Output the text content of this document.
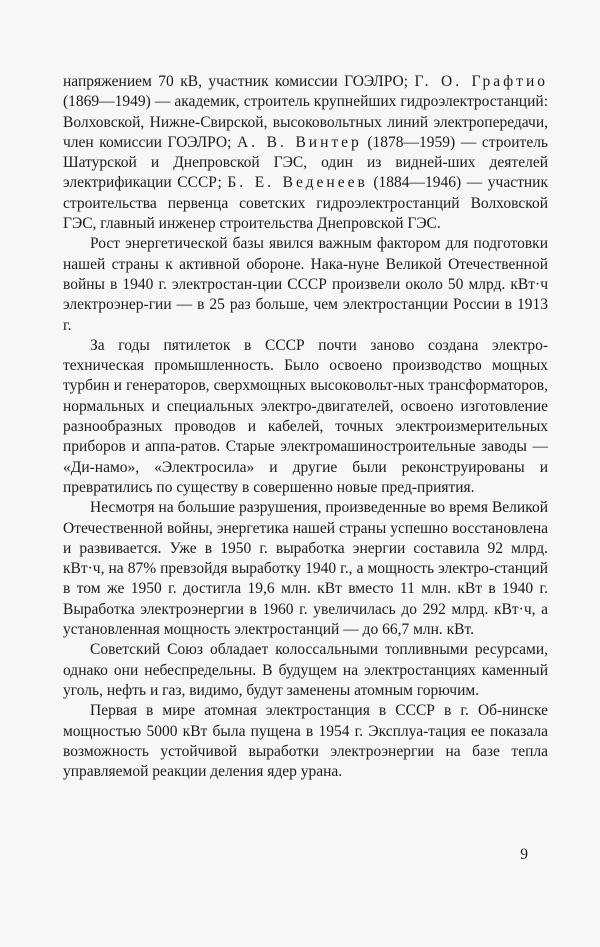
напряжением 70 кВ, участник комиссии ГОЭЛРО; Г. О. Графтио (1869—1949) — академик, строитель крупнейших гидроэлектростанций: Волховской, Нижне-Свирской, высоковольтных линий электропередачи, член комиссии ГОЭЛРО; А. В. Винтер (1878—1959) — строитель Шатурской и Днепровской ГЭС, один из видней-ших деятелей электрификации СССР; Б. Е. Веденеев (1884—1946) — участник строительства первенца советских гидроэлектростанций Волховской ГЭС, главный инженер строительства Днепровской ГЭС.

Рост энергетической базы явился важным фактором для подготовки нашей страны к активной обороне. Нака-нуне Великой Отечественной войны в 1940 г. электростан-ции СССР произвели около 50 млрд. кВт·ч электроэнер-гии — в 25 раз больше, чем электростанции России в 1913 г.

За годы пятилеток в СССР почти заново создана электро-техническая промышленность. Было освоено производство мощных турбин и генераторов, сверхмощных высоковольт-ных трансформаторов, нормальных и специальных электро-двигателей, освоено изготовление разнообразных проводов и кабелей, точных электроизмерительных приборов и аппа-ратов. Старые электромашиностроительные заводы — «Ди-намо», «Электросила» и другие были реконструированы и превратились по существу в совершенно новые пред-приятия.

Несмотря на большие разрушения, произведенные во время Великой Отечественной войны, энергетика нашей страны успешно восстановлена и развивается. Уже в 1950 г. выработка энергии составила 92 млрд. кВт·ч, на 87% превзойдя выработку 1940 г., а мощность электро-станций в том же 1950 г. достигла 19,6 млн. кВт вместо 11 млн. кВт в 1940 г. Выработка электроэнергии в 1960 г. увеличилась до 292 млрд. кВт·ч, а установленная мощность электростанций — до 66,7 млн. кВт.

Советский Союз обладает колоссальными топливными ресурсами, однако они небеспредельны. В будущем на электростанциях каменный уголь, нефть и газ, видимо, будут заменены атомным горючим.

Первая в мире атомная электростанция в СССР в г. Об-нинске мощностью 5000 кВт была пущена в 1954 г. Эксплуа-тация ее показала возможность устойчивой выработки электроэнергии на базе тепла управляемой реакции деления ядер урана.

9
